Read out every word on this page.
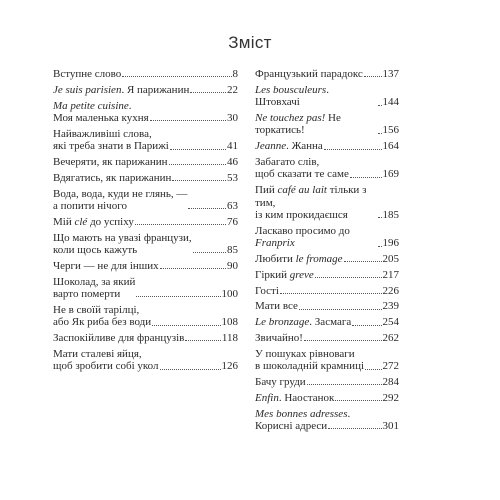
Зміст
Вступне слово	8
Je suis parisien. Я парижанин	22
Ma petite cuisine .
Моя маленька кухня	30
Найважливіші слова,
які треба знати в Парижі	41
Вечеряти, як парижанин	46
Вдягатись, як парижанин	53
Вода, вода, куди не глянь, —
а попити нічого	63
Мій clé до успіху	76
Що мають на увазі французи,
коли щось кажуть	85
Черги — не для інших	90
Шоколад, за який
варто померти	100
Не в своїй тарілці,
або Як риба без води	108
Заспокійливе для французів	118
Мати сталеві яйця,
щоб зробити собі укол	126
Французький парадокс 137
Les bousculeurs. Штовхачі	144
Ne touchez pas! Не торкатись!	156
Jeanne. Жанна	164
Забагато слів,
щоб сказати те саме	169
Пий café au lait тільки з тим,
із ким прокидаєшся	185
Ласкаво просимо до Franprix	196
Любити le fromage	205
Гіркий greve	217
Гості	226
Мати все	239
Le bronzage. Засмага	254
Звичайно!	262
У пошуках рівноваги
в шоколадній крамниці 272
Бачу груди	284
Enfin. Наостанок	292
Mes bonnes adresses .
Корисні адреси	301
